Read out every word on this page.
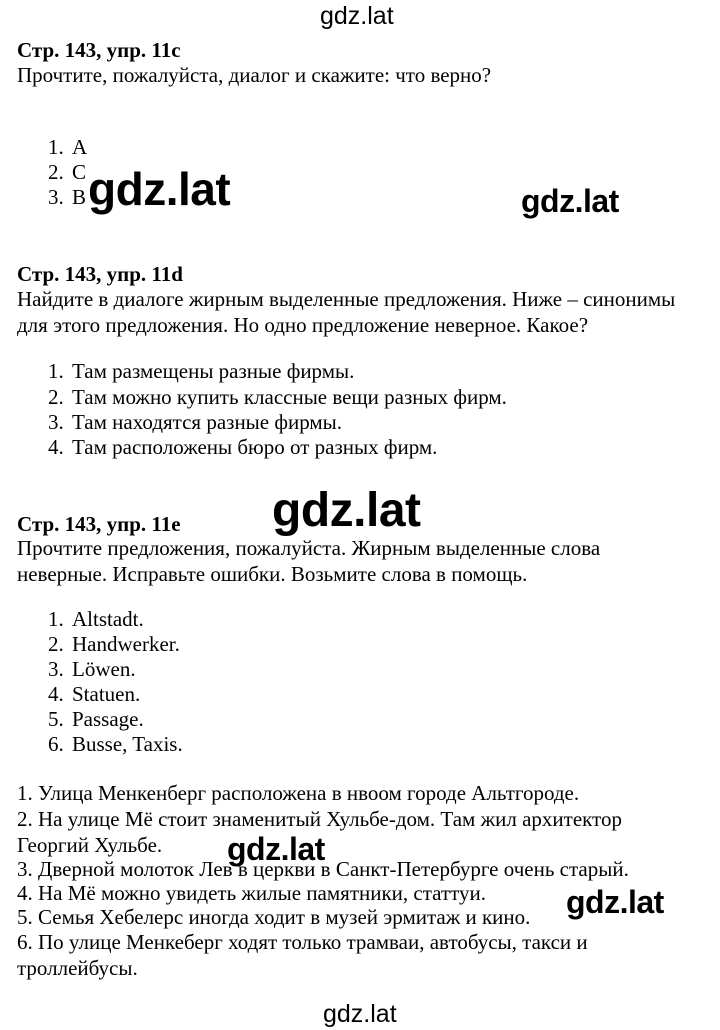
gdz.lat
Стр. 143, упр. 11c
Прочтите, пожалуйста, диалог и скажите: что верно?
1. A
2. C
3. B gdz.lat	gdz.lat
Стр. 143, упр. 11d
Найдите в диалоге жирным выделенные предложения. Ниже – синонимы
для этого предложения. Но одно предложение неверное. Какое?
1. Там размещены разные фирмы.
2. Там можно купить классные вещи разных фирм.
3. Там находятся разные фирмы.
4. Там расположены бюро от разных фирм.
gdz.lat
Стр. 143, упр. 11e
Прочтите предложения, пожалуйста. Жирным выделенные слова
неверные. Исправьте ошибки. Возьмите слова в помощь.
1. Altstadt.
2. Handwerker.
3. Löwen.
4. Statuen.
5. Passage.
6. Busse, Taxis.
1. Улица Менкенберг расположена в нвоом городе Альтгороде.
2. На улице Мё стоит знаменитый Хульбе-дом. Там жил архитектор
Георгий Хульбе.
3. Дверной молоток Лев в церкви в Санкт-Петербурге очень старый.
4. На Мё можно увидеть жилые памятники, статтуи.
5. Семья Хебелерс иногда ходит в музей эрмитаж и кино.
6. По улице Менкеберг ходят только трамваи, автобусы, такси и
троллейбусы.
gdz.lat
gdz.lat
gdz.lat
